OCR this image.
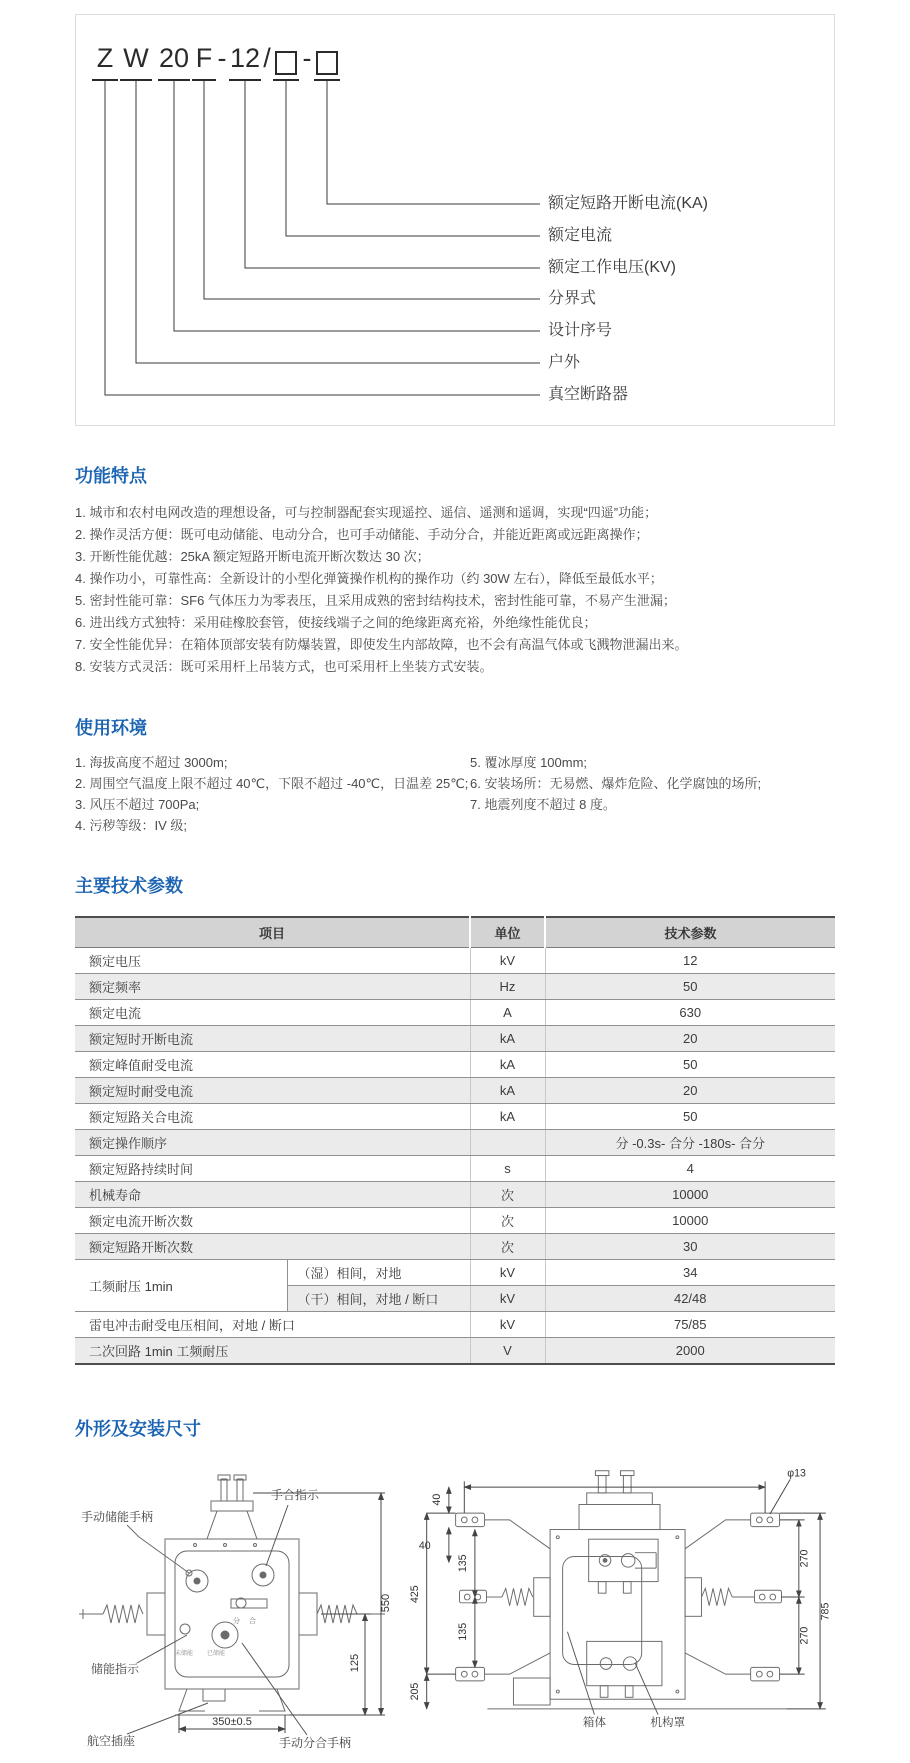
Z W 20 F - 12 / -
额定短路开断电流(KA)
额定电流
额定工作电压(KV)
分界式
设计序号
户外
真空断路器
功能特点
1. 城市和农村电网改造的理想设备，可与控制器配套实现遥控、遥信、遥测和遥调，实现“四遥”功能；
2. 操作灵活方便：既可电动储能、电动分合，也可手动储能、手动分合，并能近距离或远距离操作；
3. 开断性能优越：25kA 额定短路开断电流开断次数达 30 次；
4. 操作功小，可靠性高：全新设计的小型化弹簧操作机构的操作功（约 30W 左右），降低至最低水平；
5. 密封性能可靠：SF6 气体压力为零表压，且采用成熟的密封结构技术，密封性能可靠，不易产生泄漏；
6. 进出线方式独特：采用硅橡胶套管，使接线端子之间的绝缘距离充裕，外绝缘性能优良；
7. 安全性能优异：在箱体顶部安装有防爆装置，即使发生内部故障，也不会有高温气体或飞溅物泄漏出来。
8. 安装方式灵活：既可采用杆上吊装方式，也可采用杆上坐装方式安装。
使用环境
1. 海拔高度不超过 3000m;
2. 周围空气温度上限不超过 40℃，下限不超过 -40℃，日温差 25℃;
3. 风压不超过 700Pa;
4. 污秽等级：IV 级;
5. 覆冰厚度 100mm;
6. 安装场所：无易燃、爆炸危险、化学腐蚀的场所;
7. 地震列度不超过 8 度。
主要技术参数
项目		单位	技术参数
额定电压		kV	12
额定频率		Hz	50
额定电流		A	630
额定短时开断电流		kA	20
额定峰值耐受电流		kA	50
额定短时耐受电流		kA	20
额定短路关合电流		kA	50
额定操作顺序			分 -0.3s- 合分 -180s- 合分
额定短路持续时间		s	4
机械寿命		次	10000
额定电流开断次数		次	10000
额定短路开断次数		次	30
工频耐压 1min	（湿）相间，对地	kV	34
	（干）相间，对地 / 断口	kV	42/48
雷电冲击耐受电压相间，对地 / 断口		kV	75/85
二次回路 1min 工频耐压		V	2000
外形及安装尺寸
分 合
未储能 已储能
550
125
350±0.5
手动储能手柄
手合指示
储能指示
航空插座	手动分合手柄
40
40
135
135
425
205
270
270
785
φ13
箱体	机构罩
